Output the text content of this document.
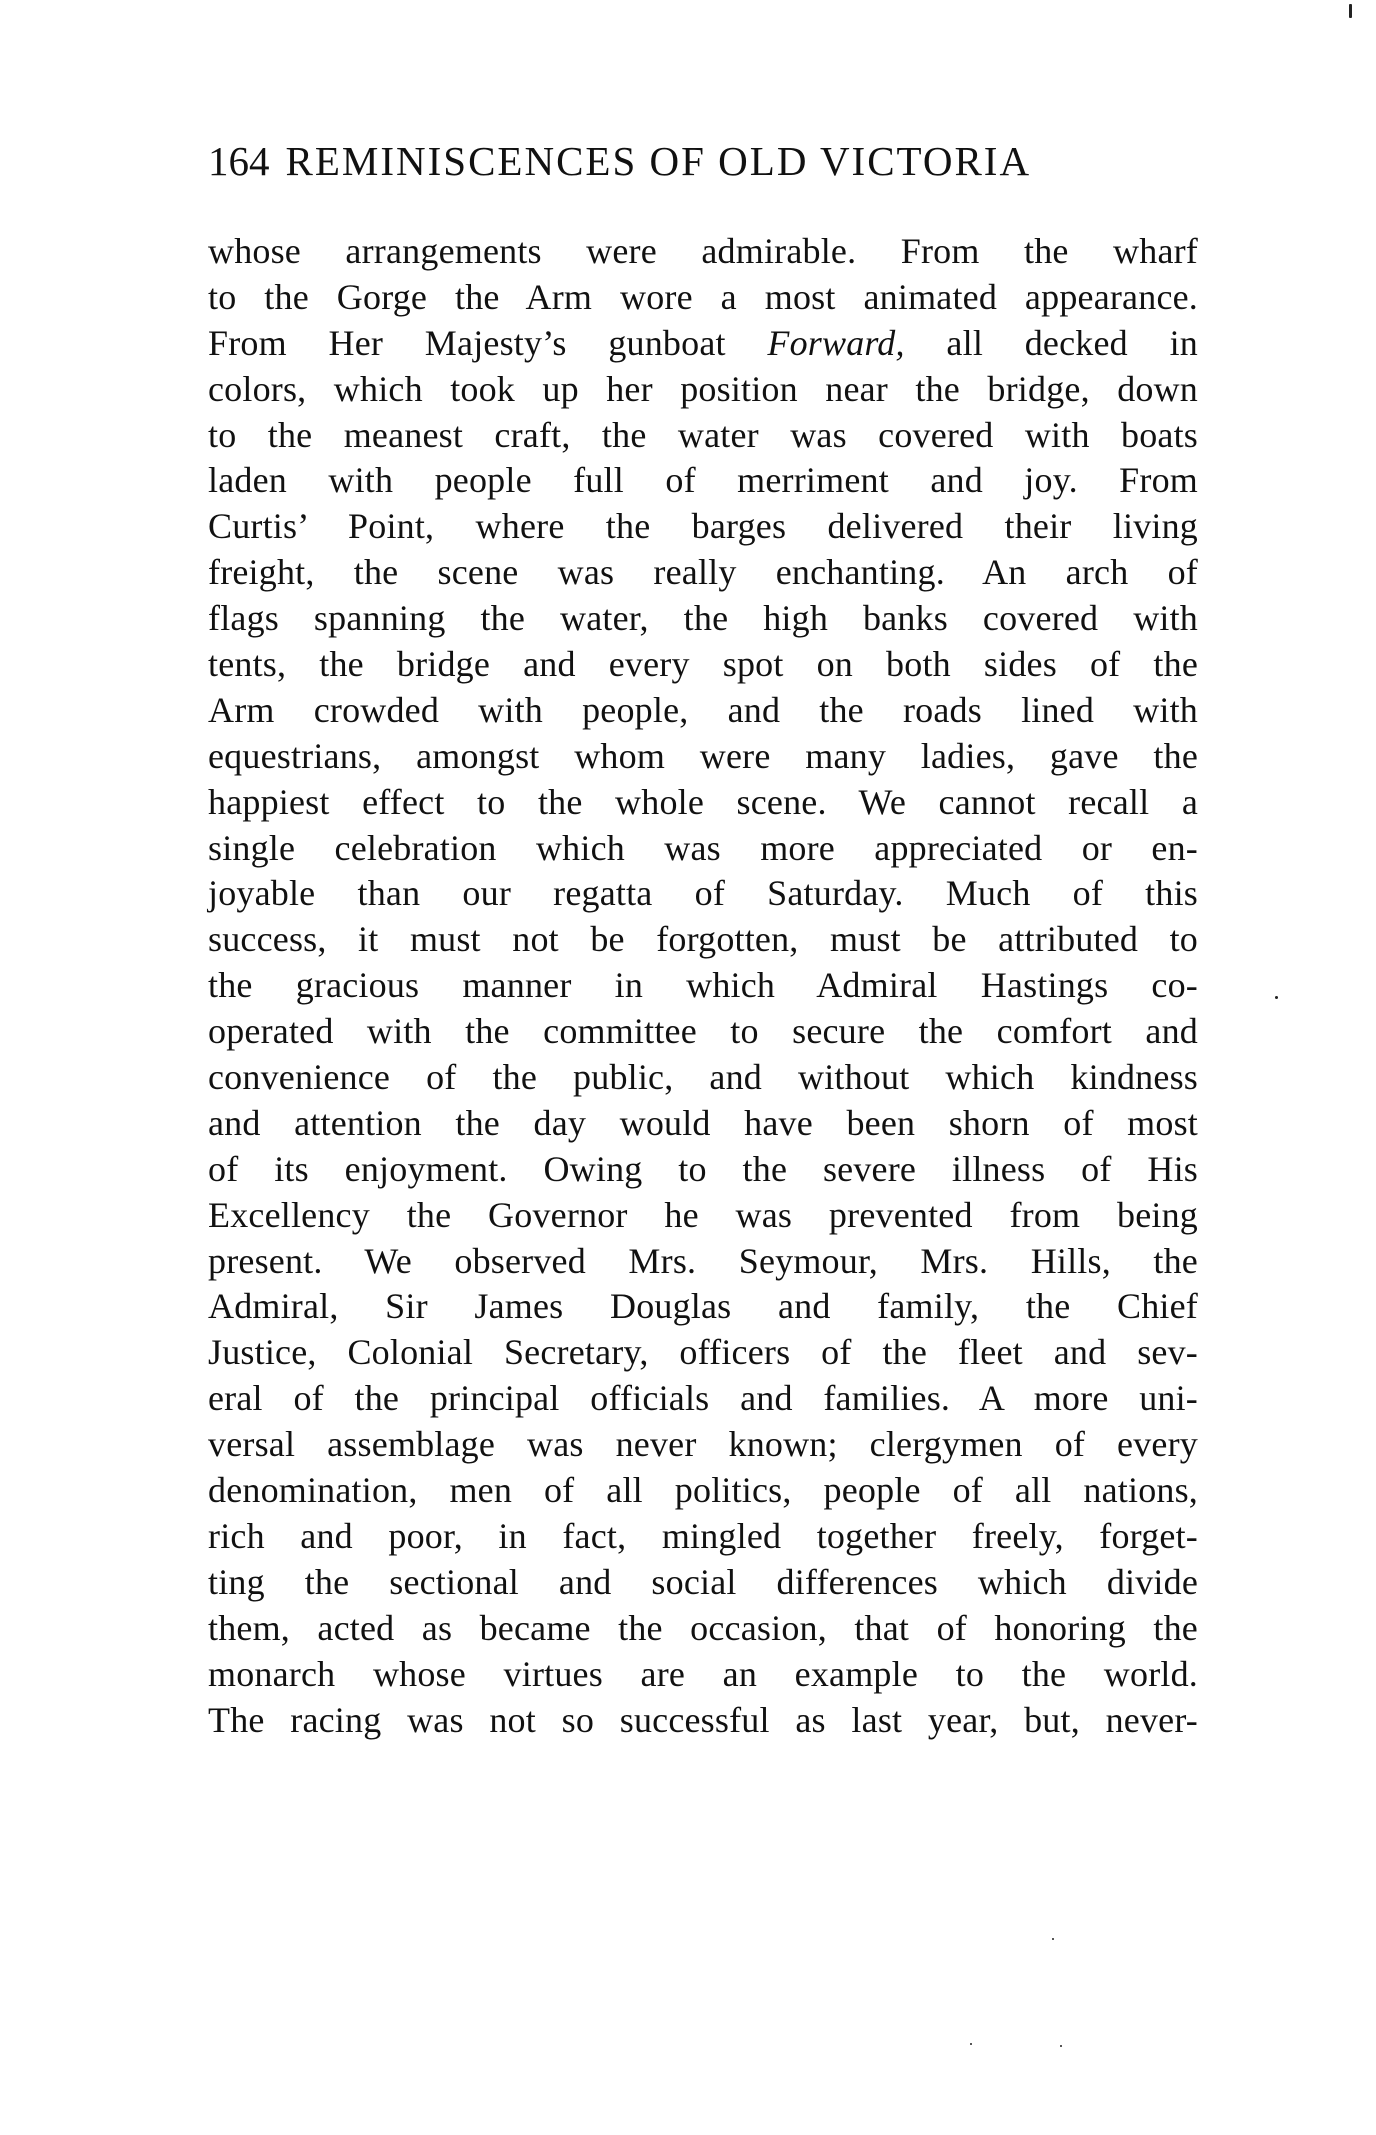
164 REMINISCENCES OF OLD VICTORIA
whose arrangements were admirable. From the wharf
to the Gorge the Arm wore a most animated appearance.
From Her Majesty’s gunboat Forward, all decked in
colors, which took up her position near the bridge, down
to the meanest craft, the water was covered with boats
laden with people full of merriment and joy. From
Curtis’ Point, where the barges delivered their living
freight, the scene was really enchanting. An arch of
flags spanning the water, the high banks covered with
tents, the bridge and every spot on both sides of the
Arm crowded with people, and the roads lined with
equestrians, amongst whom were many ladies, gave the
happiest effect to the whole scene. We cannot recall a
single celebration which was more appreciated or en-
joyable than our regatta of Saturday. Much of this
success, it must not be forgotten, must be attributed to
the gracious manner in which Admiral Hastings co-
operated with the committee to secure the comfort and
convenience of the public, and without which kindness
and attention the day would have been shorn of most
of its enjoyment. Owing to the severe illness of His
Excellency the Governor he was prevented from being
present. We observed Mrs. Seymour, Mrs. Hills, the
Admiral, Sir James Douglas and family, the Chief
Justice, Colonial Secretary, officers of the fleet and sev-
eral of the principal officials and families. A more uni-
versal assemblage was never known; clergymen of every
denomination, men of all politics, people of all nations,
rich and poor, in fact, mingled together freely, forget-
ting the sectional and social differences which divide
them, acted as became the occasion, that of honoring the
monarch whose virtues are an example to the world.
The racing was not so successful as last year, but, never-
